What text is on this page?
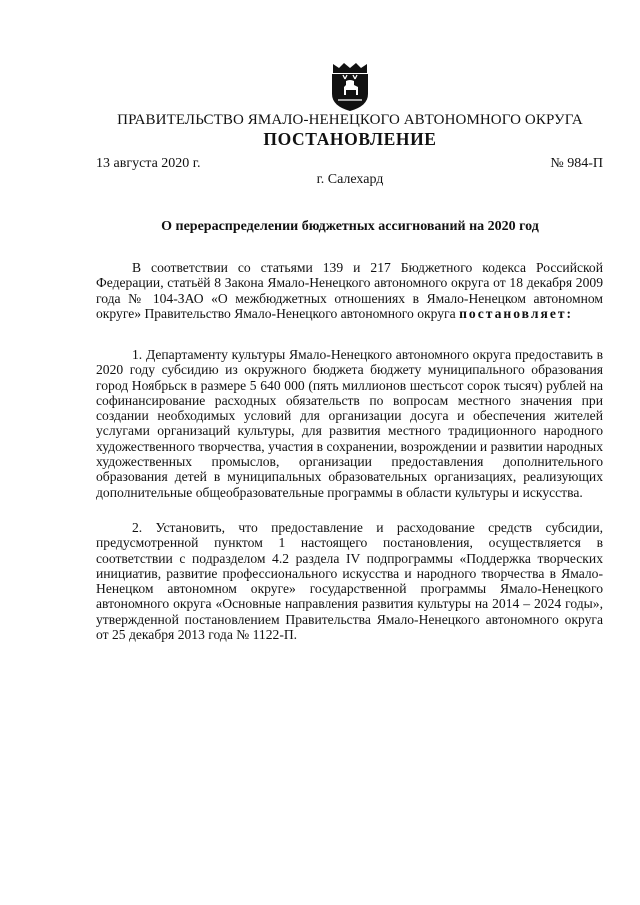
ПРАВИТЕЛЬСТВО ЯМАЛО-НЕНЕЦКОГО АВТОНОМНОГО ОКРУГА
ПОСТАНОВЛЕНИЕ
13 августа 2020 г.	№ 984-П
г. Салехард
О перераспределении бюджетных ассигнований на 2020 год

В соответствии со статьями 139 и 217 Бюджетного кодекса Российской Федерации, статьёй 8 Закона Ямало-Ненецкого автономного округа от 18 декабря 2009 года № 104-ЗАО «О межбюджетных отношениях в Ямало-Ненецком автономном округе» Правительство Ямало-Ненецкого автономного округа постановляет:

1. Департаменту культуры Ямало-Ненецкого автономного округа предоставить в 2020 году субсидию из окружного бюджета бюджету муниципального образования город Ноябрьск в размере 5 640 000 (пять миллионов шестьсот сорок тысяч) рублей на софинансирование расходных обязательств по вопросам местного значения при создании необходимых условий для организации досуга и обеспечения жителей услугами организаций культуры, для развития местного традиционного народного художественного творчества, участия в сохранении, возрождении и развитии народных художественных промыслов, организации предоставления дополнительного образования детей в муниципальных образовательных организациях, реализующих дополнительные общеобразовательные программы в области культуры и искусства.

2. Установить, что предоставление и расходование средств субсидии, предусмотренной пунктом 1 настоящего постановления, осуществляется в соответствии с подразделом 4.2 раздела IV подпрограммы «Поддержка творческих инициатив, развитие профессионального искусства и народного творчества в Ямало-Ненецком автономном округе» государственной программы Ямало-Ненецкого автономного округа «Основные направления развития культуры на 2014 – 2024 годы», утвержденной постановлением Правительства Ямало-Ненецкого автономного округа от 25 декабря 2013 года № 1122-П.
